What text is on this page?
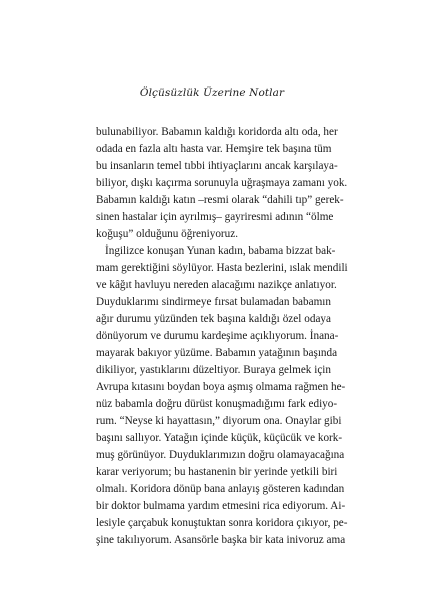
Ölçüsüzlük Üzerine Notlar
bulunabiliyor. Babamın kaldığı koridorda altı oda, her
odada en fazla altı hasta var. Hemşire tek başına tüm
bu insanların temel tıbbi ihtiyaçlarını ancak karşılaya-
biliyor, dışkı kaçırma sorunuyla uğraşmaya zamanı yok.
Babamın kaldığı katın –resmi olarak “dahili tıp” gerek-
sinen hastalar için ayrılmış– gayriresmi adının “ölme
koğuşu” olduğunu öğreniyoruz.
İngilizce konuşan Yunan kadın, babama bizzat bak-
mam gerektiğini söylüyor. Hasta bezlerini, ıslak mendili
ve kâğıt havluyu nereden alacağımı nazikçe anlatıyor.
Duyduklarımı sindirmeye fırsat bulamadan babamın
ağır durumu yüzünden tek başına kaldığı özel odaya
dönüyorum ve durumu kardeşime açıklıyorum. İnana-
mayarak bakıyor yüzüme. Babamın yatağının başında
dikiliyor, yastıklarını düzeltiyor. Buraya gelmek için
Avrupa kıtasını boydan boya aşmış olmama rağmen he-
nüz babamla doğru dürüst konuşmadığımı fark ediyo-
rum. “Neyse ki hayattasın,” diyorum ona. Onaylar gibi
başını sallıyor. Yatağın içinde küçük, küçücük ve kork-
muş görünüyor. Duyduklarımızın doğru olamayacağına
karar veriyorum; bu hastanenin bir yerinde yetkili biri
olmalı. Koridora dönüp bana anlayış gösteren kadından
bir doktor bulmama yardım etmesini rica ediyorum. Ai-
lesiyle çarçabuk konuştuktan sonra koridora çıkıyor, pe-
şine takılıyorum. Asansörle başka bir kata inivoruz ama
